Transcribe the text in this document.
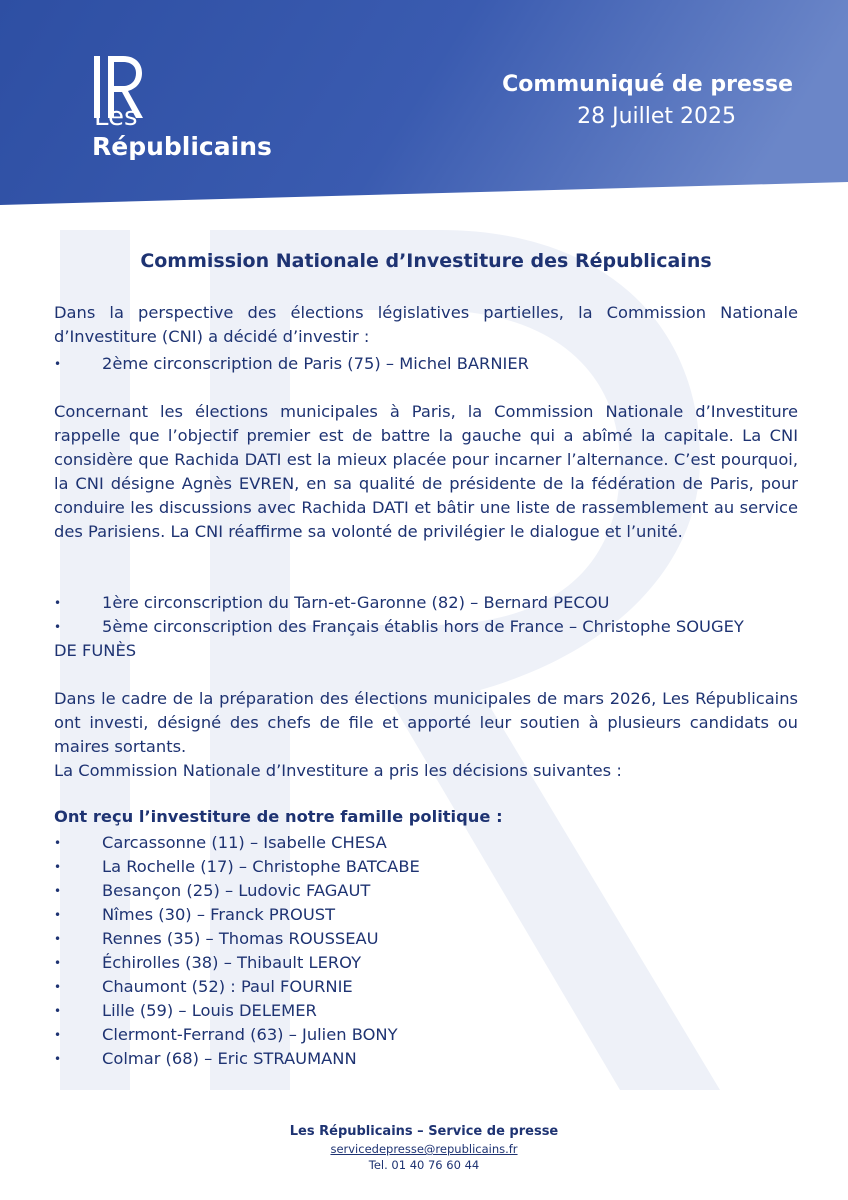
Les
Républicains
Communiqué de presse
28 Juillet 2025
Commission Nationale d’Investiture des Républicains
Dans la perspective des élections législatives partielles, la Commission Nationale d’Investiture (CNI) a décidé d’investir :
•	2ème circonscription de Paris (75) – Michel BARNIER
Concernant les élections municipales à Paris, la Commission Nationale d’Investiture rappelle que l’objectif premier est de battre la gauche qui a abîmé la capitale. La CNI considère que Rachida DATI est la mieux placée pour incarner l’alternance. C’est pourquoi, la CNI désigne Agnès EVREN, en sa qualité de présidente de la fédération de Paris, pour conduire les discussions avec Rachida DATI et bâtir une liste de rassemblement au service des Parisiens. La CNI réaffirme sa volonté de privilégier le dialogue et l’unité.
•	1ère circonscription du Tarn-et-Garonne (82) – Bernard PECOU
•	5ème circonscription des Français établis hors de France – Christophe SOUGEY
DE FUNÈS
Dans le cadre de la préparation des élections municipales de mars 2026, Les Républicains ont investi, désigné des chefs de file et apporté leur soutien à plusieurs candidats ou maires sortants.
La Commission Nationale d’Investiture a pris les décisions suivantes :
Ont reçu l’investiture de notre famille politique :
•	Carcassonne (11) – Isabelle CHESA
•	La Rochelle (17) – Christophe BATCABE
•	Besançon (25) – Ludovic FAGAUT
•	Nîmes (30) – Franck PROUST
•	Rennes (35) – Thomas ROUSSEAU
•	Échirolles (38) – Thibault LEROY
•	Chaumont (52) : Paul FOURNIE
•	Lille (59) – Louis DELEMER
•	Clermont-Ferrand (63) – Julien BONY
•	Colmar (68) – Eric STRAUMANN
Les Républicains – Service de presse
servicedepresse@republicains.fr
Tel. 01 40 76 60 44
